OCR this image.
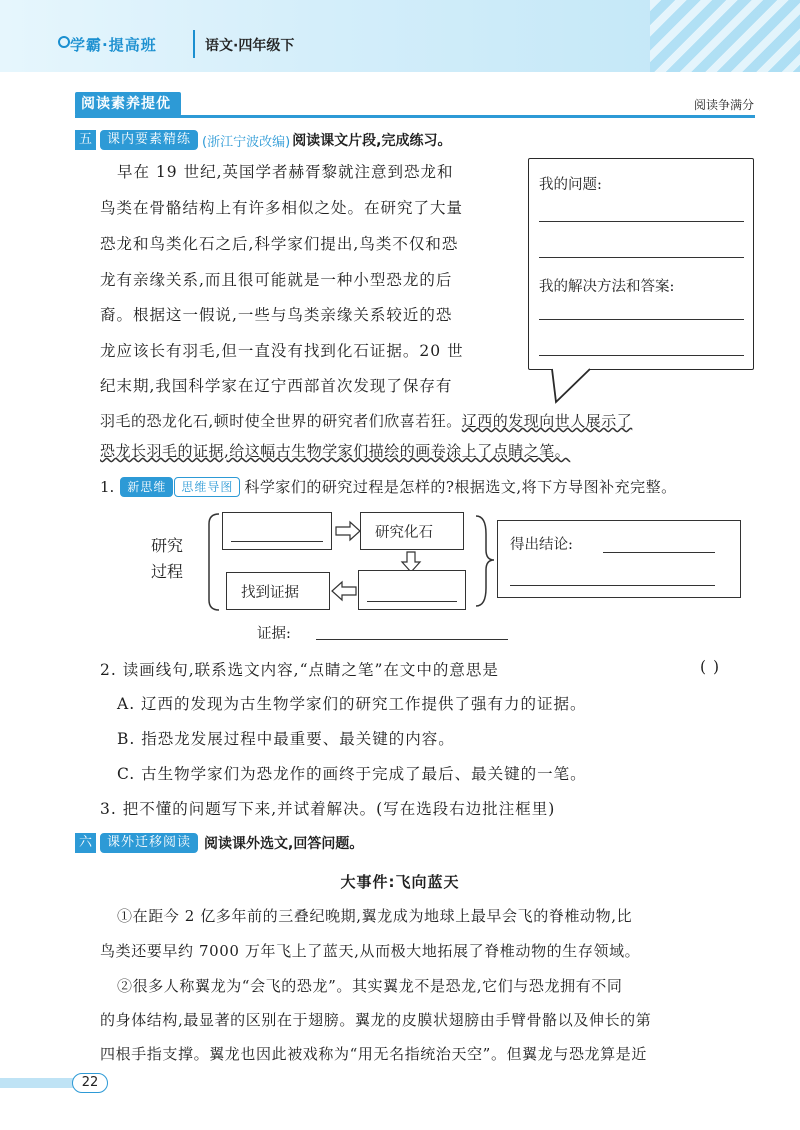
学霸·提高班	语文·四年级下
阅读素养提优	阅读争满分
五	课内要素精练 (浙江宁波改编) 阅读课文片段,完成练习。
早在 19 世纪,英国学者赫胥黎就注意到恐龙和
鸟类在骨骼结构上有许多相似之处。在研究了大量
恐龙和鸟类化石之后,科学家们提出,鸟类不仅和恐
龙有亲缘关系,而且很可能就是一种小型恐龙的后
裔。根据这一假说,一些与鸟类亲缘关系较近的恐
龙应该长有羽毛,但一直没有找到化石证据。20 世
纪末期,我国科学家在辽宁西部首次发现了保存有
羽毛的恐龙化石,顿时使全世界的研究者们欣喜若狂。辽西的发现向世人展示了
恐龙长羽毛的证据,给这幅古生物学家们描绘的画卷涂上了点睛之笔。
我的问题:
我的解决方法和答案:
1.	新思维	思维导图 科学家们的研究过程是怎样的?根据选文,将下方导图补充完整。
研究
过程
研究化石
找到证据
得出结论:
证据:
2. 读画线句,联系选文内容,“点睛之笔”在文中的意思是	( )
A. 辽西的发现为古生物学家们的研究工作提供了强有力的证据。
B. 指恐龙发展过程中最重要、最关键的内容。
C. 古生物学家们为恐龙作的画终于完成了最后、最关键的一笔。
3. 把不懂的问题写下来,并试着解决。(写在选段右边批注框里)
六	课外迁移阅读 阅读课外选文,回答问题。
大事件:飞向蓝天
①在距今 2 亿多年前的三叠纪晚期,翼龙成为地球上最早会飞的脊椎动物,比
鸟类还要早约 7000 万年飞上了蓝天,从而极大地拓展了脊椎动物的生存领域。
②很多人称翼龙为“会飞的恐龙”。其实翼龙不是恐龙,它们与恐龙拥有不同
的身体结构,最显著的区别在于翅膀。翼龙的皮膜状翅膀由手臂骨骼以及伸长的第
四根手指支撑。翼龙也因此被戏称为“用无名指统治天空”。但翼龙与恐龙算是近
22
